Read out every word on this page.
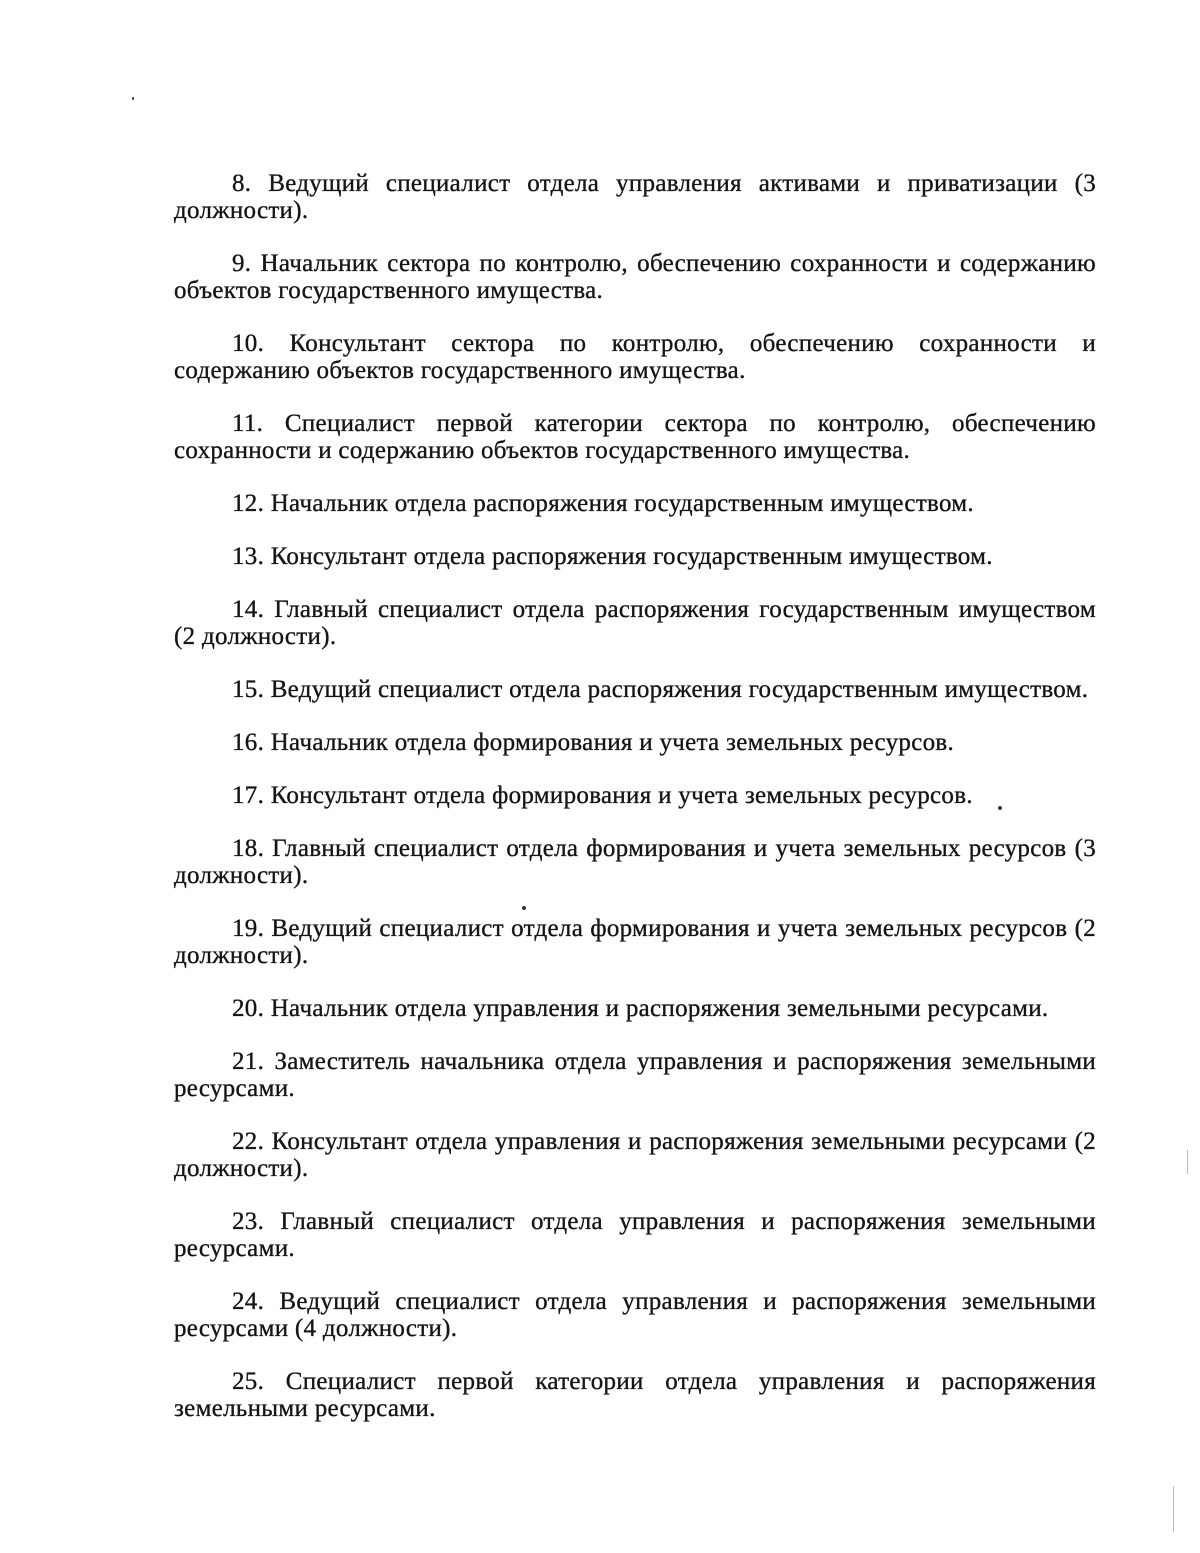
8. Ведущий специалист отдела управления активами и приватизации (3 должности).

9. Начальник сектора по контролю, обеспечению сохранности и содержанию объектов государственного имущества.

10. Консультант сектора по контролю, обеспечению сохранности и содержанию объектов государственного имущества.

11. Специалист первой категории сектора по контролю, обеспечению сохранности и содержанию объектов государственного имущества.

12. Начальник отдела распоряжения государственным имуществом.

13. Консультант отдела распоряжения государственным имуществом.

14. Главный специалист отдела распоряжения государственным имуществом (2 должности).

15. Ведущий специалист отдела распоряжения государственным имуществом.

16. Начальник отдела формирования и учета земельных ресурсов.

17. Консультант отдела формирования и учета земельных ресурсов.

18. Главный специалист отдела формирования и учета земельных ресурсов (3 должности).

19. Ведущий специалист отдела формирования и учета земельных ресурсов (2 должности).

20. Начальник отдела управления и распоряжения земельными ресурсами.

21. Заместитель начальника отдела управления и распоряжения земельными ресурсами.

22. Консультант отдела управления и распоряжения земельными ресурсами (2 должности).

23. Главный специалист отдела управления и распоряжения земельными ресурсами.

24. Ведущий специалист отдела управления и распоряжения земельными ресурсами (4 должности).

25. Специалист первой категории отдела управления и распоряжения земельными ресурсами.
